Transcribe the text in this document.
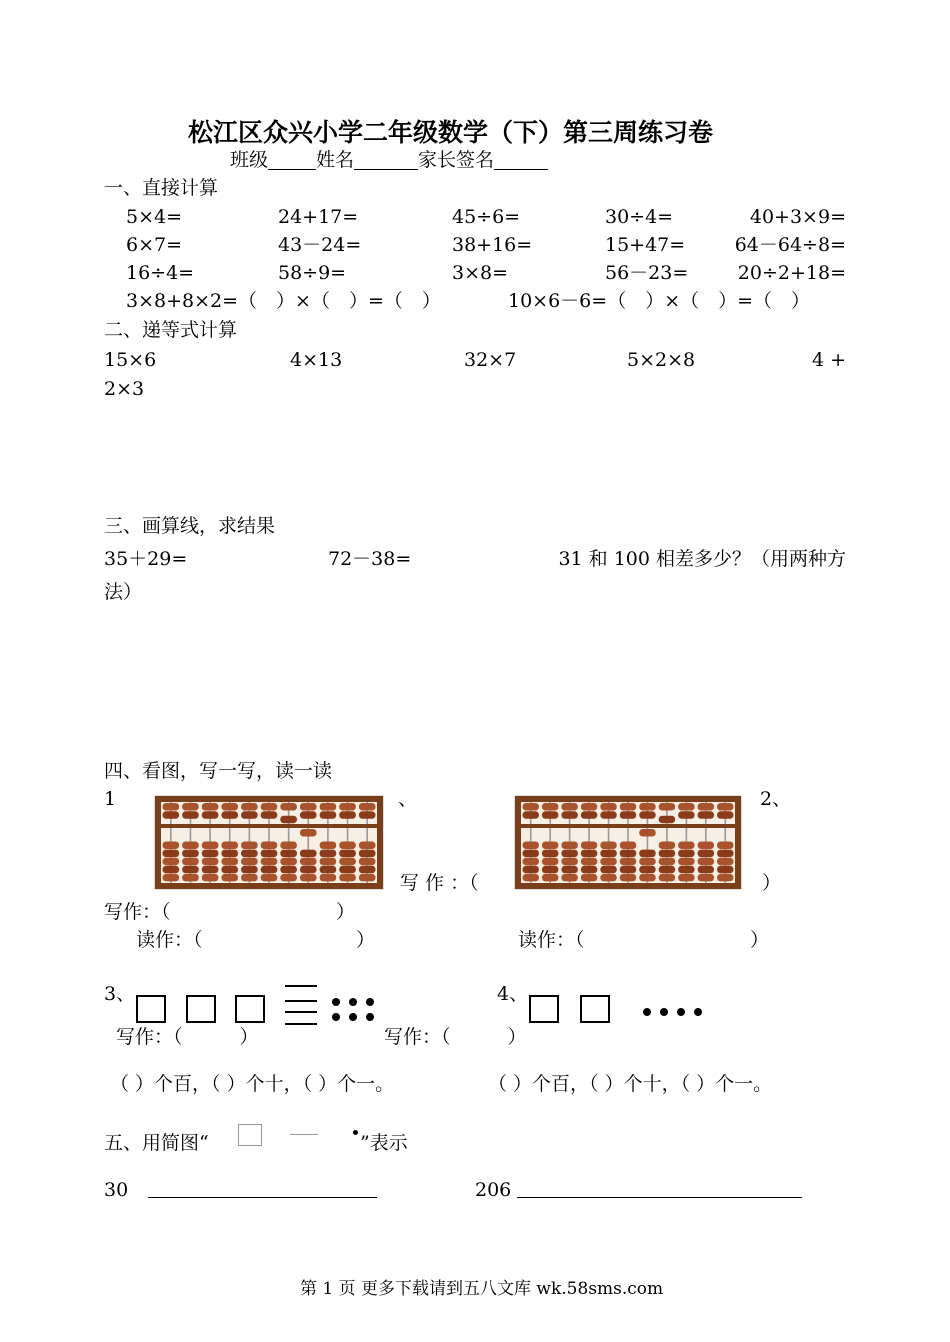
松江区众兴小学二年级数学（下）第三周练习卷
班级	姓名	家长签名
一、直接计算
5×4=	24+17=	45÷6=	30÷4=	40+3×9=
6×7=	43－24=	38+16=	15+47=	64－64÷8=
16÷4=	58÷9=	3×8=	56－23=	20÷2+18=
3×8+8×2=（　）×（　）=（　）	10×6－6=（　）×（　）=（　）
二、递等式计算
15×6	4×13	32×7	5×2×8	4 +
2×3
三、画算线，求结果
35＋29=	72－38=	31 和 100 相差多少？（用两种方
法）
四、看图，写一写，读一读
1	、	2、
写 作 ：（	）
写作：（	）
读作：（	）	读作：（	）
3、	4、
写作：（　　　）	写作：（　　　）
（ ）个百，（ ）个十，（ ）个一。	（ ）个百，（ ）个十，（ ）个一。
五、用简图“	”表示
30	206
第 1 页 更多下载请到五八文库 wk.58sms.com
